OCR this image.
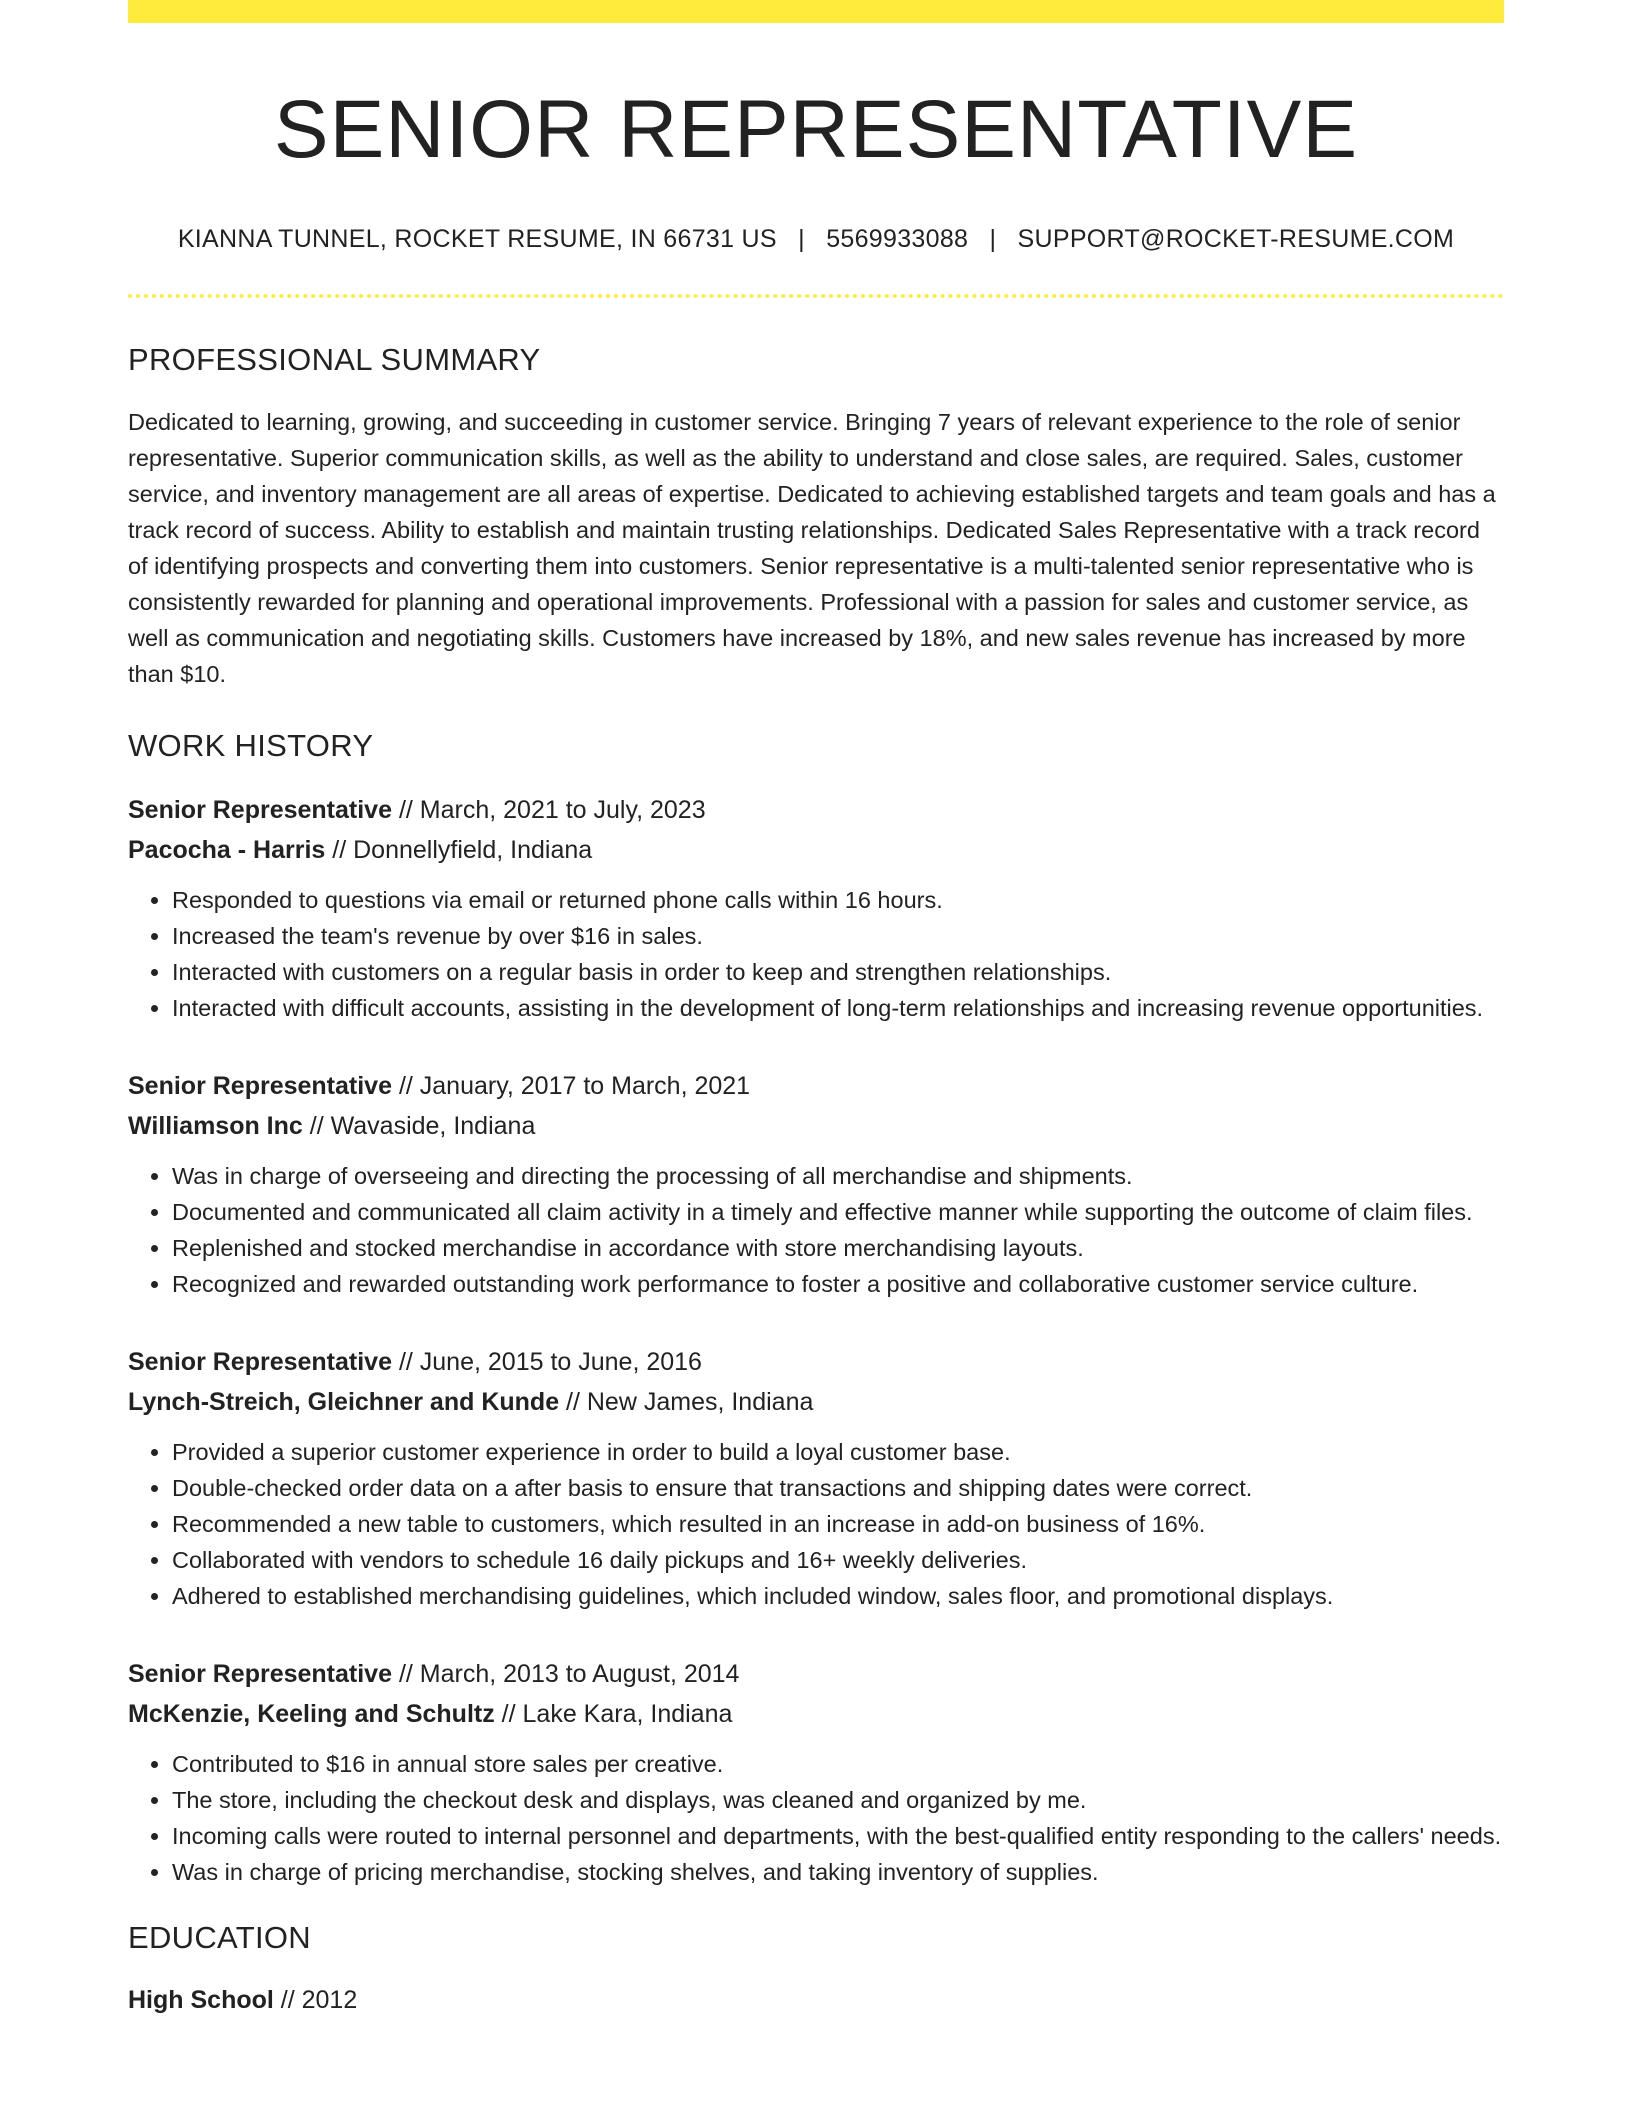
SENIOR REPRESENTATIVE
KIANNA TUNNEL, ROCKET RESUME, IN 66731 US | 5569933088 | SUPPORT@ROCKET-RESUME.COM
PROFESSIONAL SUMMARY
Dedicated to learning, growing, and succeeding in customer service. Bringing 7 years of relevant experience to the role of senior representative. Superior communication skills, as well as the ability to understand and close sales, are required. Sales, customer service, and inventory management are all areas of expertise. Dedicated to achieving established targets and team goals and has a track record of success. Ability to establish and maintain trusting relationships. Dedicated Sales Representative with a track record of identifying prospects and converting them into customers. Senior representative is a multi-talented senior representative who is consistently rewarded for planning and operational improvements. Professional with a passion for sales and customer service, as well as communication and negotiating skills. Customers have increased by 18%, and new sales revenue has increased by more than $10.
WORK HISTORY
Senior Representative // March, 2021 to July, 2023
Pacocha - Harris // Donnellyfield, Indiana
• Responded to questions via email or returned phone calls within 16 hours.
• Increased the team's revenue by over $16 in sales.
• Interacted with customers on a regular basis in order to keep and strengthen relationships.
• Interacted with difficult accounts, assisting in the development of long-term relationships and increasing revenue opportunities.
Senior Representative // January, 2017 to March, 2021
Williamson Inc // Wavaside, Indiana
• Was in charge of overseeing and directing the processing of all merchandise and shipments.
• Documented and communicated all claim activity in a timely and effective manner while supporting the outcome of claim files.
• Replenished and stocked merchandise in accordance with store merchandising layouts.
• Recognized and rewarded outstanding work performance to foster a positive and collaborative customer service culture.
Senior Representative // June, 2015 to June, 2016
Lynch-Streich, Gleichner and Kunde // New James, Indiana
• Provided a superior customer experience in order to build a loyal customer base.
• Double-checked order data on a after basis to ensure that transactions and shipping dates were correct.
• Recommended a new table to customers, which resulted in an increase in add-on business of 16%.
• Collaborated with vendors to schedule 16 daily pickups and 16+ weekly deliveries.
• Adhered to established merchandising guidelines, which included window, sales floor, and promotional displays.
Senior Representative // March, 2013 to August, 2014
McKenzie, Keeling and Schultz // Lake Kara, Indiana
• Contributed to $16 in annual store sales per creative.
• The store, including the checkout desk and displays, was cleaned and organized by me.
• Incoming calls were routed to internal personnel and departments, with the best-qualified entity responding to the callers' needs.
• Was in charge of pricing merchandise, stocking shelves, and taking inventory of supplies.
EDUCATION
High School // 2012
